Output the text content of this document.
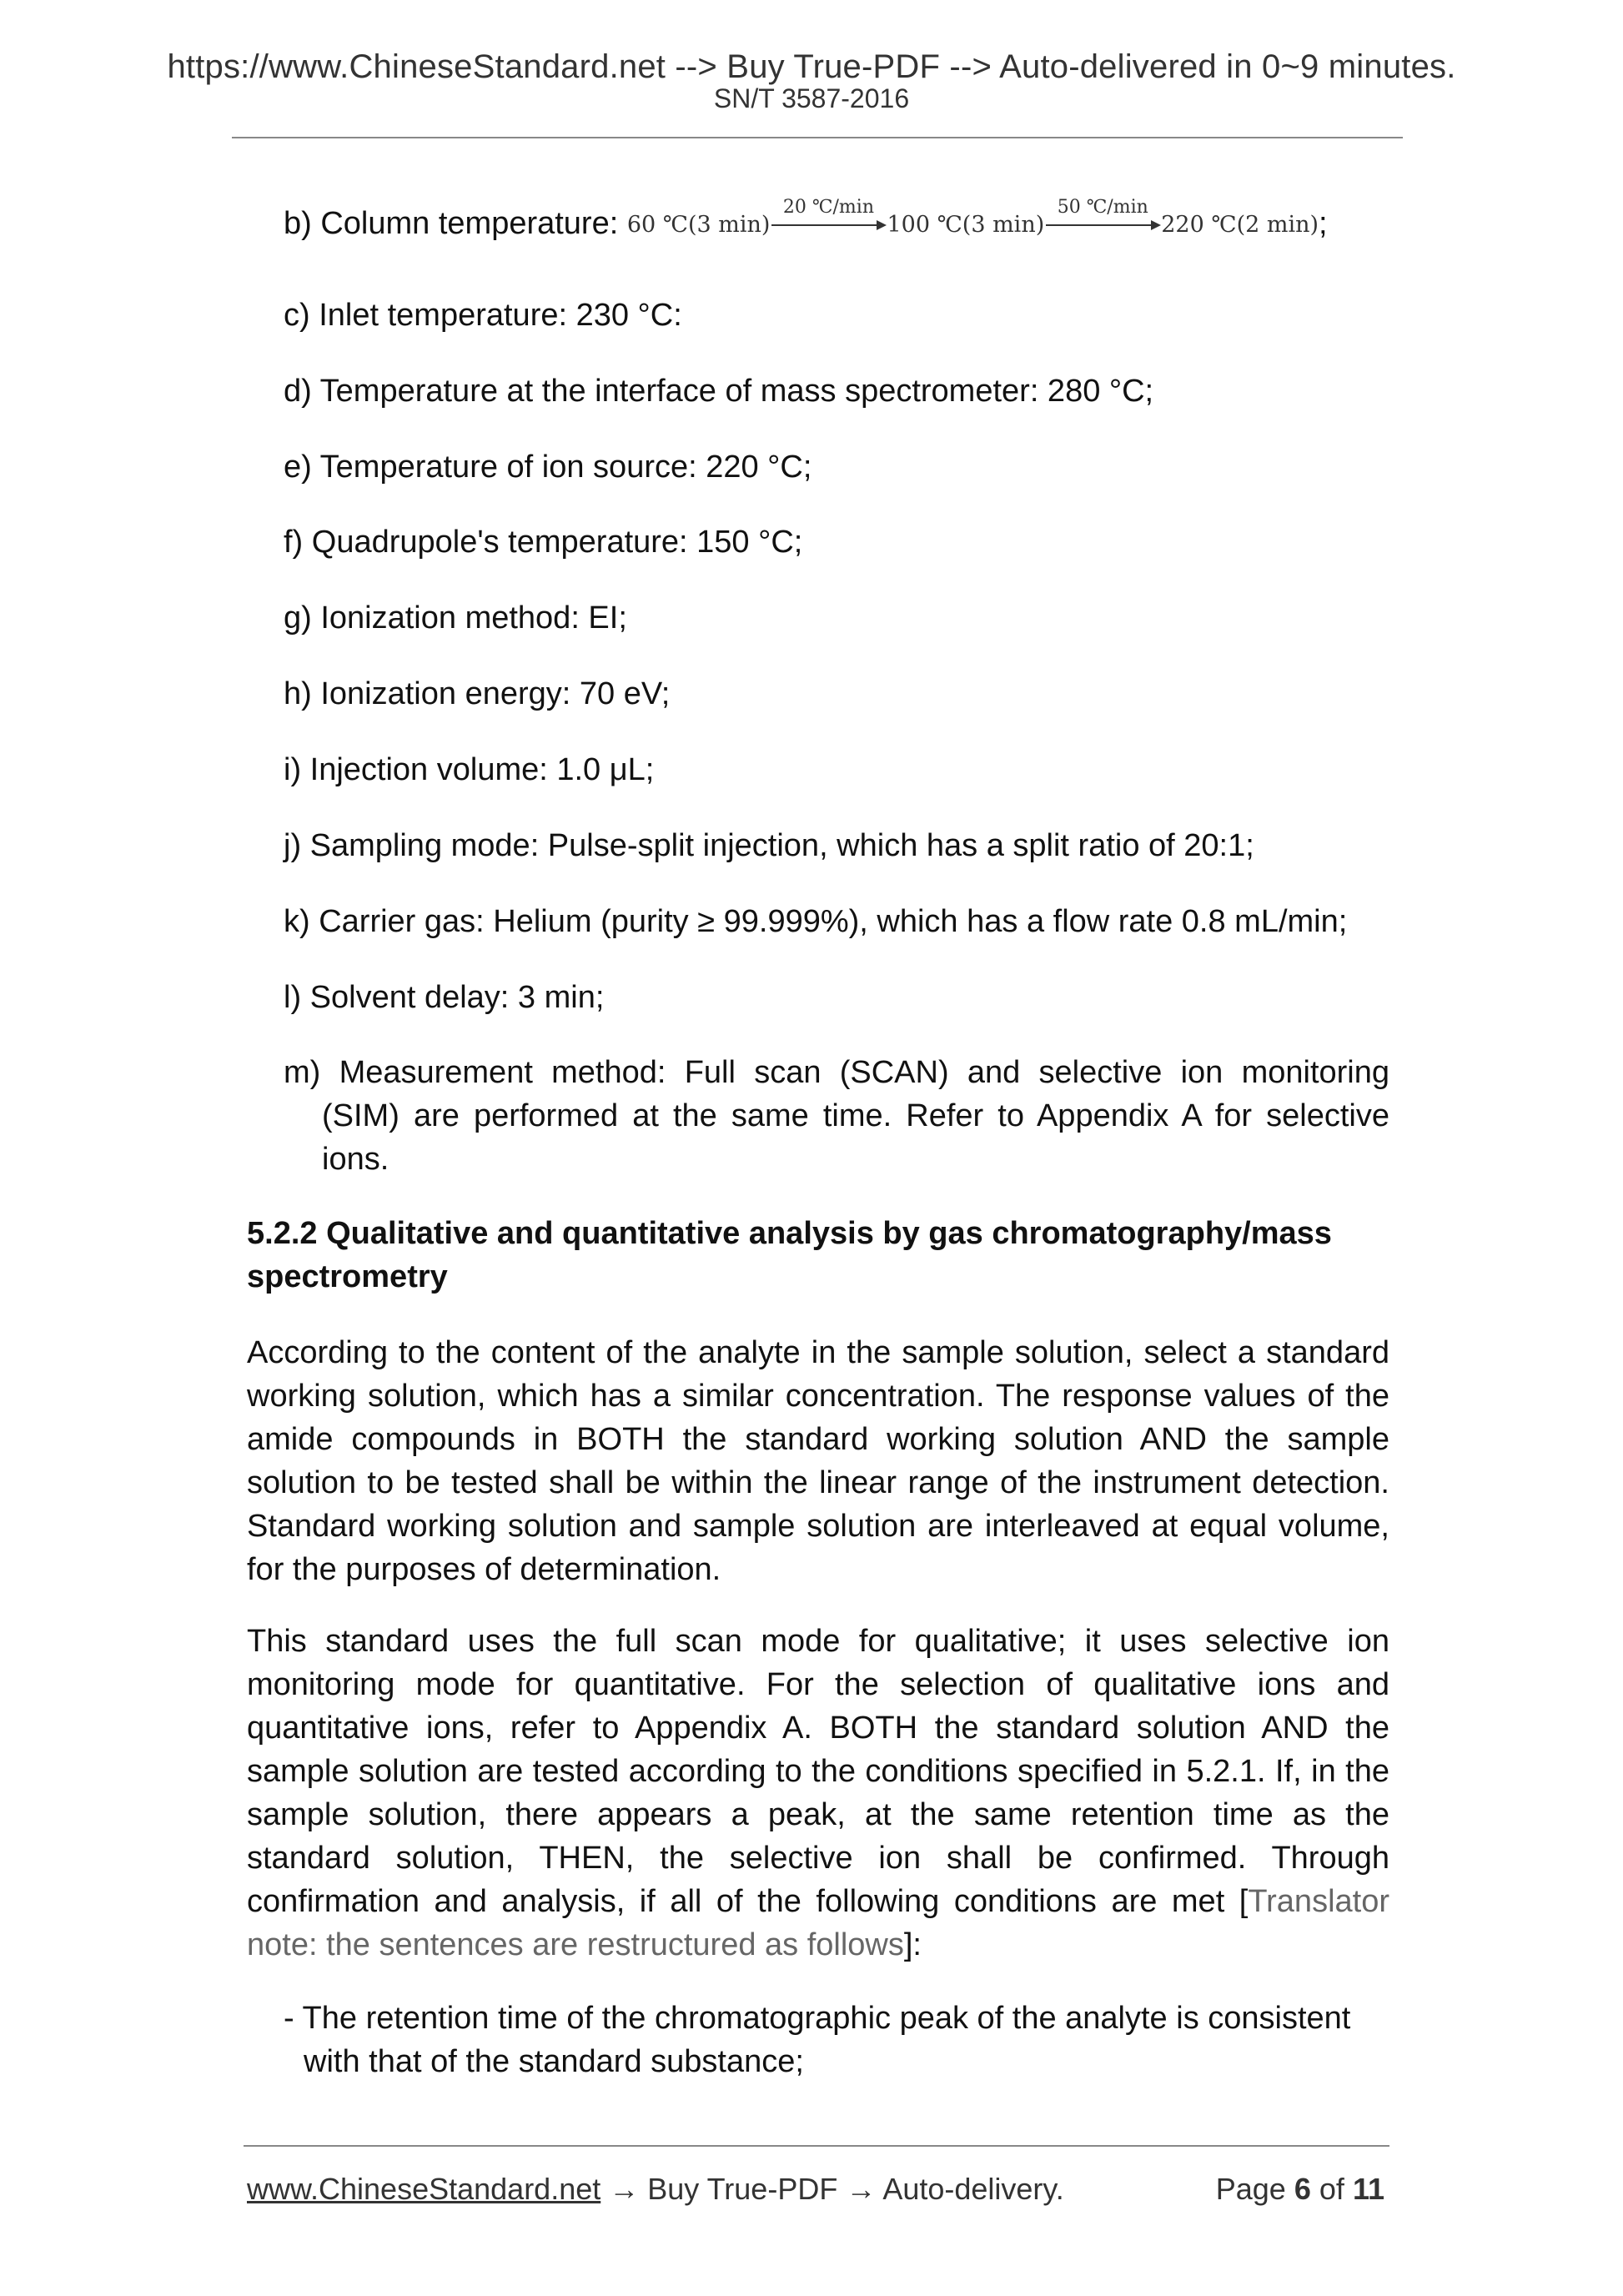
https://www.ChineseStandard.net --> Buy True-PDF --> Auto-delivered in 0~9 minutes.
SN/T 3587-2016
b) Column temperature: 60 ℃(3 min)
20 ℃/min
100 ℃(3 min)
50 ℃/min
220 ℃(2 min);
c) Inlet temperature: 230 °C:
d) Temperature at the interface of mass spectrometer: 280 °C;
e) Temperature of ion source: 220 °C;
f) Quadrupole's temperature: 150 °C;
g) Ionization method: EI;
h) Ionization energy: 70 eV;
i) Injection volume: 1.0 μL;
j) Sampling mode: Pulse-split injection, which has a split ratio of 20:1;
k) Carrier gas: Helium (purity ≥ 99.999%), which has a flow rate 0.8 mL/min;
l) Solvent delay: 3 min;
m) Measurement method: Full scan (SCAN) and selective ion monitoring
(SIM) are performed at the same time. Refer to Appendix A for selective ions.
5.2.2 Qualitative and quantitative analysis by gas chromatography/mass spectrometry
According to the content of the analyte in the sample solution, select a standard working solution, which has a similar concentration. The response values of the amide compounds in BOTH the standard working solution AND the sample solution to be tested shall be within the linear range of the instrument detection. Standard working solution and sample solution are interleaved at equal volume, for the purposes of determination.
This standard uses the full scan mode for qualitative; it uses selective ion monitoring mode for quantitative. For the selection of qualitative ions and quantitative ions, refer to Appendix A. BOTH the standard solution AND the sample solution are tested according to the conditions specified in 5.2.1. If, in the sample solution, there appears a peak, at the same retention time as the standard solution, THEN, the selective ion shall be confirmed. Through confirmation and analysis, if all of the following conditions are met [Translator note: the sentences are restructured as follows]:
- The retention time of the chromatographic peak of the analyte is consistent
with that of the standard substance;
www.ChineseStandard.net → Buy True-PDF → Auto-delivery.	Page 6 of 11
